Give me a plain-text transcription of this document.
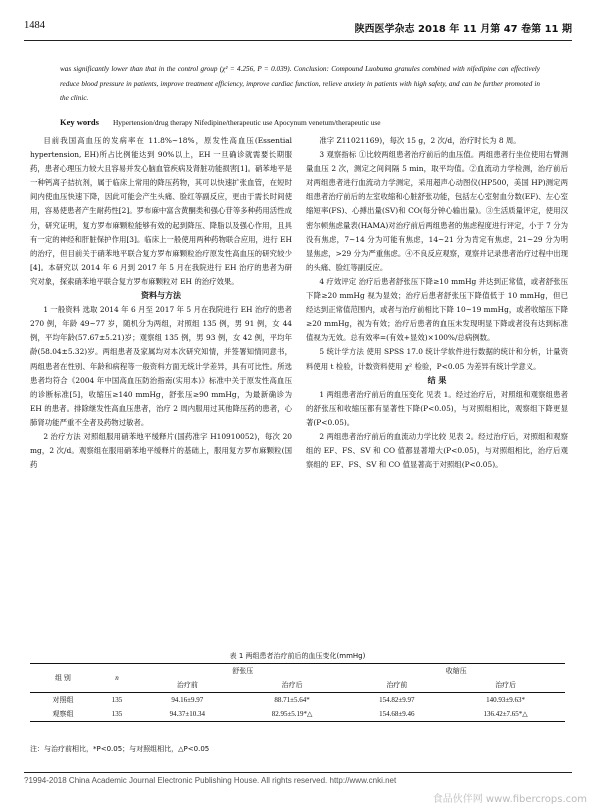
1484	陕西医学杂志 2018 年 11 月第 47 卷第 11 期
was significantly lower than that in the control group (χ² = 4.256, P = 0.039). Conclusion: Compound Luobuma granules combined with nifedipine can effectively reduce blood pressure in patients, improve treatment efficiency, improve cardiac function, relieve anxiety in patients with high safety, and can be further promoted in the clinic.
Key words Hypertension/drug therapy Nifedipine/therapeutic use Apocynum venetum/therapeutic use

目前我国高血压的发病率在 11.8%~18%，原发性高血压(Essential hypertension, EH)所占比例能达到 90%以上，EH 一旦确诊就需要长期服药，患者心理压力较大且容易并发心脑血管疾病及肾脏功能损害[1]。硝苯地平是一种钙离子拮抗剂，属于临床上常用的降压药物，其可以快速扩张血管，在短时间内使血压快速下降，因此可能会产生头痛、脸红等副反应，更由于需长时间使用，容易使患者产生耐药性[2]。罗布麻中富含黄酮类和强心苷等多种药用活性成分，研究证明，复方罗布麻颗粒能够有效的起到降压、降脂以及强心作用，且具有一定的神经和肝脏保护作用[3]。临床上一般使用两种药物联合应用，进行 EH 的治疗，但目前关于硝苯地平联合复方罗布麻颗粒治疗原发性高血压的研究较少[4]。本研究以 2014 年 6 月到 2017 年 5 月在我院进行 EH 治疗的患者为研究对象，探索硝苯地平联合复方罗布麻颗粒对 EH 的治疗效果。

资料与方法

1 一般资料 选取 2014 年 6 月至 2017 年 5 月在我院进行 EH 治疗的患者 270 例，年龄 49~77 岁，随机分为两组，对照组 135 例，男 91 例，女 44 例，平均年龄(57.67±5.21)岁；观察组 135 例，男 93 例，女 42 例，平均年龄(58.04±5.32)岁。两组患者及家属均对本次研究知情，并签署知情同意书，两组患者在性别、年龄和病程等一般资料方面无统计学差异，具有可比性。所选患者均符合《2004 年中国高血压防治指南(实用本)》标准中关于原发性高血压的诊断标准[5]，收缩压≥140 mmHg，舒张压≥90 mmHg，为最新确诊为 EH 的患者。排除继发性高血压患者，治疗 2 周内服用过其他降压药的患者，心肺肾功能严重不全者及药物过敏者。

2 治疗方法 对照组服用硝苯地平缓释片(国药准字 H10910052)，每次 20 mg，2 次/d。观察组在服用硝苯地平缓释片的基础上，服用复方罗布麻颗粒(国药

准字 Z11021169)，每次 15 g，2 次/d，治疗时长为 8 周。

3 观察指标 ①比较两组患者治疗前后的血压值。两组患者行坐位使用右臂测量血压 2 次，测定之间间隔 5 min，取平均值。②血流动力学检测，治疗前后对两组患者进行血流动力学测定，采用超声心动图仪(HP500，美国 HP)测定两组患者治疗前后的左室收缩和心脏舒张功能，包括左心室射血分数(EF)、左心室缩短率(FS)、心搏出量(SV)和 CO(每分钟心输出量)。③生活质量评定，使用汉密尔顿焦虑量表(HAMA)对治疗前后两组患者的焦虑程度进行评定，小于 7 分为没有焦虑，7~14 分为可能有焦虑，14~21 分为肯定有焦虑，21~29 分为明显焦虑，>29 分为严重焦虑。④不良反应观察，观察并记录患者治疗过程中出现的头痛、脸红等副反应。

4 疗效评定 治疗后患者舒张压下降≥10 mmHg 并达到正常值，或者舒张压下降≥20 mmHg 视为显效；治疗后患者舒张压下降值低于 10 mmHg，但已经达到正常值范围内，或者与治疗前相比下降 10~19 mmHg，或者收缩压下降≥20 mmHg，视为有效；治疗后患者的血压未发现明显下降或者没有达到标准值视为无效。总有效率=(有效+显效)×100%/总病例数。

5 统计学方法 使用 SPSS 17.0 统计学软件进行数据的统计和分析，计量资料使用 t 检验，计数资料使用 χ² 检验，P<0.05 为差异有统计学意义。

结 果

1 两组患者治疗前后的血压变化 见表 1。经过治疗后，对照组和观察组患者的舒张压和收缩压都有显著性下降(P<0.05)，与对照组相比，观察组下降更显著(P<0.05)。

2 两组患者治疗前后的血流动力学比较 见表 2。经过治疗后，对照组和观察组的 EF、FS、SV 和 CO 值都显著增大(P<0.05)，与对照组相比，治疗后观察组的 EF、FS、SV 和 CO 值显著高于对照组(P<0.05)。

表 1 两组患者治疗前后的血压变化(mmHg)
组 别	n	舒张压		收缩压	
		治疗前	治疗后	治疗前	治疗后
对照组	135	94.16±9.97	88.71±5.64*	154.82±9.97	140.93±9.63*
观察组	135	94.37±10.34	82.95±5.19*△	154.68±9.46	136.42±7.65*△
注：与治疗前相比，*P<0.05；与对照组相比，△P<0.05
?1994-2018 China Academic Journal Electronic Publishing House. All rights reserved. http://www.cnki.net
食品伙伴网 www.fibercrops.com
